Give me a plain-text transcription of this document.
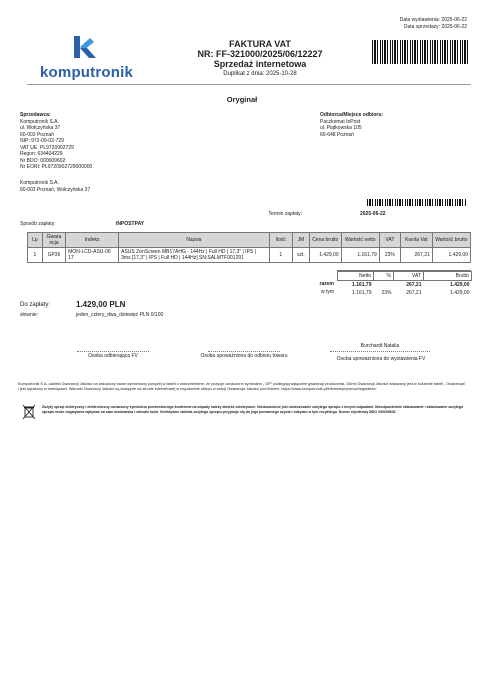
Data wystawienia: 2025-06-22
Data sprzedaży: 2025-06-22
komputronik
FAKTURA VAT
NR: FF-321000/2025/06/12227
Sprzedaż internetowa
Duplikat z dnia: 2025-10-28
Oryginał
Sprzedawca:
Komputronik S.A.
ul. Wołczyńska 37
60-003 Poznań
NIP: 972-09-02-729
VAT UE: PL9720902729
Regon: 634404229
Nr BDO: 000009602
Nr EORI: PL9720902729000000
Komputronik S.A.
60-003 Poznań, Wołczyńska 37
Odbiorca/Miejsce odbioru:
Paczkomat InPost
ul. Piątkowska 105
60-648 Poznań
Termin zapłaty:	2025-06-22
Sposób zapłaty:	INPOSTPAY
Lp	Gwara ncja	Indeks	Nazwa	Ilość	JM	Cena brutto	Wartość netto	VAT	Kwota Vat	Wartość brutto
1	GP36	MON-LCD-ASU-06 17	ASUS ZenScreen MB17AHG - 144Hz | Full HD | 17,3" | IPS | 3ms [17,3" | IPS | Full HD | 144Hz] SN:SALMTF001291	1	szt.	1.429,00	1.161,79	23%	267,21	1.429,00
Netto	%	VAT	Brutto
1.161,79		267,21	1.429,00
1.161,79	23%	267,21	1.429,00
razem
w tym
Do zapłaty:	1.429,00 PLN
słownie:	jeden_cztery_dwa_dziewięć PLN 0/100
Burchardt Natalia
Osoba odbierająca FV	Osoba upoważniona do odbioru towaru	Osoba upoważniona do wystawienia FV
Komputronik S.A. udziela Gwarancji Jakości na zakupiony towar wymieniony powyżej w tabeli z zastrzeżeniem, że pozycje oznaczone symbolem „ GP” podlegają wyłącznie gwarancji producenta. Okres Gwarancji Jakości wskazany jest w kolumnie tabeli „ Gwarancja” i jest wyrażony w miesiącach. Warunki Gwarancji Jakości są dostępne na stronie internetowej w regulaminie sklepu w sekcji Gwarancja Jakości pod linkiem: https://www.komputronik.pl/informacje/pomoc/regulamin/
Zużyty sprzęt elektryczny i elektroniczny oznaczony symbolem przekreślonego kontenera na odpady należy zbierać selektywnie. Niedozwolone jest umieszczanie zużytego sprzętu z innymi odpadami. Nieodpowiednie składowanie i składowanie zużytego sprzętu może negatywnie wpływać na stan środowiska i zdrowie ludzi. Selektywne zbiórka zużytego sprzętu przyjmuje się do jego ponownego użycia i odzysku w tym recyklingu. Numer rejestrowy BDO 000009602
